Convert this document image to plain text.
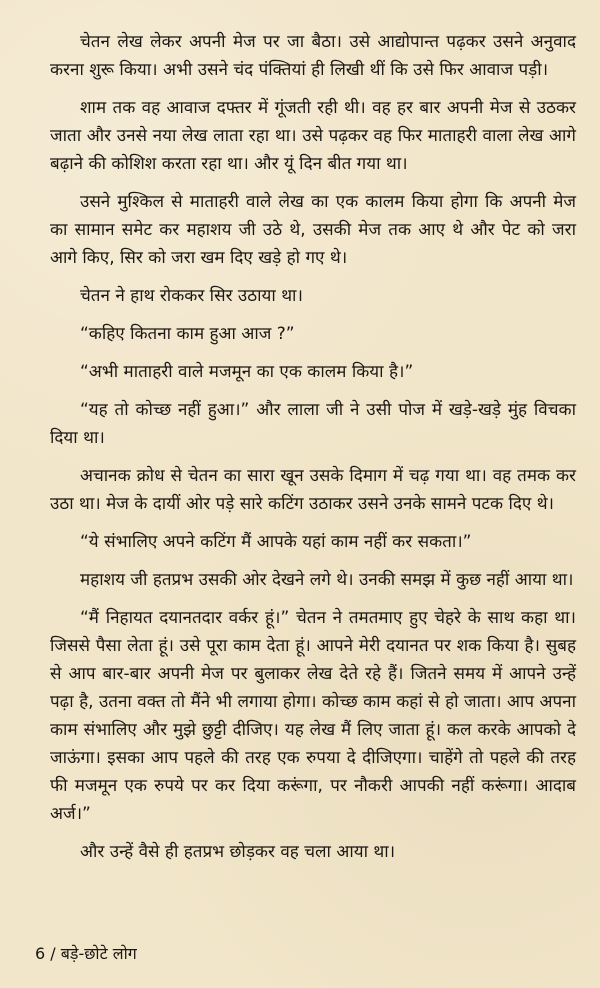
चेतन लेख लेकर अपनी मेज पर जा बैठा। उसे आद्योपान्त पढ़कर उसने अनुवाद करना शुरू किया। अभी उसने चंद पंक्तियां ही लिखी थीं कि उसे फिर आवाज पड़ी।

शाम तक वह आवाज दफ्तर में गूंजती रही थी। वह हर बार अपनी मेज से उठकर जाता और उनसे नया लेख लाता रहा था। उसे पढ़कर वह फिर माताहरी वाला लेख आगे बढ़ाने की कोशिश करता रहा था। और यूं दिन बीत गया था।

उसने मुश्किल से माताहरी वाले लेख का एक कालम किया होगा कि अपनी मेज का सामान समेट कर महाशय जी उठे थे, उसकी मेज तक आए थे और पेट को जरा आगे किए, सिर को जरा खम दिए खड़े हो गए थे।

चेतन ने हाथ रोककर सिर उठाया था।

“कहिए कितना काम हुआ आज ?”

“अभी माताहरी वाले मजमून का एक कालम किया है।”

“यह तो कोच्छ नहीं हुआ।” और लाला जी ने उसी पोज में खड़े-खड़े मुंह विचका दिया था।

अचानक क्रोध से चेतन का सारा खून उसके दिमाग में चढ़ गया था। वह तमक कर उठा था। मेज के दायीं ओर पड़े सारे कटिंग उठाकर उसने उनके सामने पटक दिए थे।

“ये संभालिए अपने कटिंग मैं आपके यहां काम नहीं कर सकता।”

महाशय जी हतप्रभ उसकी ओर देखने लगे थे। उनकी समझ में कुछ नहीं आया था।

“मैं निहायत दयानतदार वर्कर हूं।” चेतन ने तमतमाए हुए चेहरे के साथ कहा था। जिससे पैसा लेता हूं। उसे पूरा काम देता हूं। आपने मेरी दयानत पर शक किया है। सुबह से आप बार-बार अपनी मेज पर बुलाकर लेख देते रहे हैं। जितने समय में आपने उन्हें पढ़ा है, उतना वक्त तो मैंने भी लगाया होगा। कोच्छ काम कहां से हो जाता। आप अपना काम संभालिए और मुझे छुट्टी दीजिए। यह लेख मैं लिए जाता हूं। कल करके आपको दे जाऊंगा। इसका आप पहले की तरह एक रुपया दे दीजिएगा। चाहेंगे तो पहले की तरह फी मजमून एक रुपये पर कर दिया करूंगा, पर नौकरी आपकी नहीं करूंगा। आदाब अर्ज।”

और उन्हें वैसे ही हतप्रभ छोड़कर वह चला आया था।

6 / बड़े-छोटे लोग
